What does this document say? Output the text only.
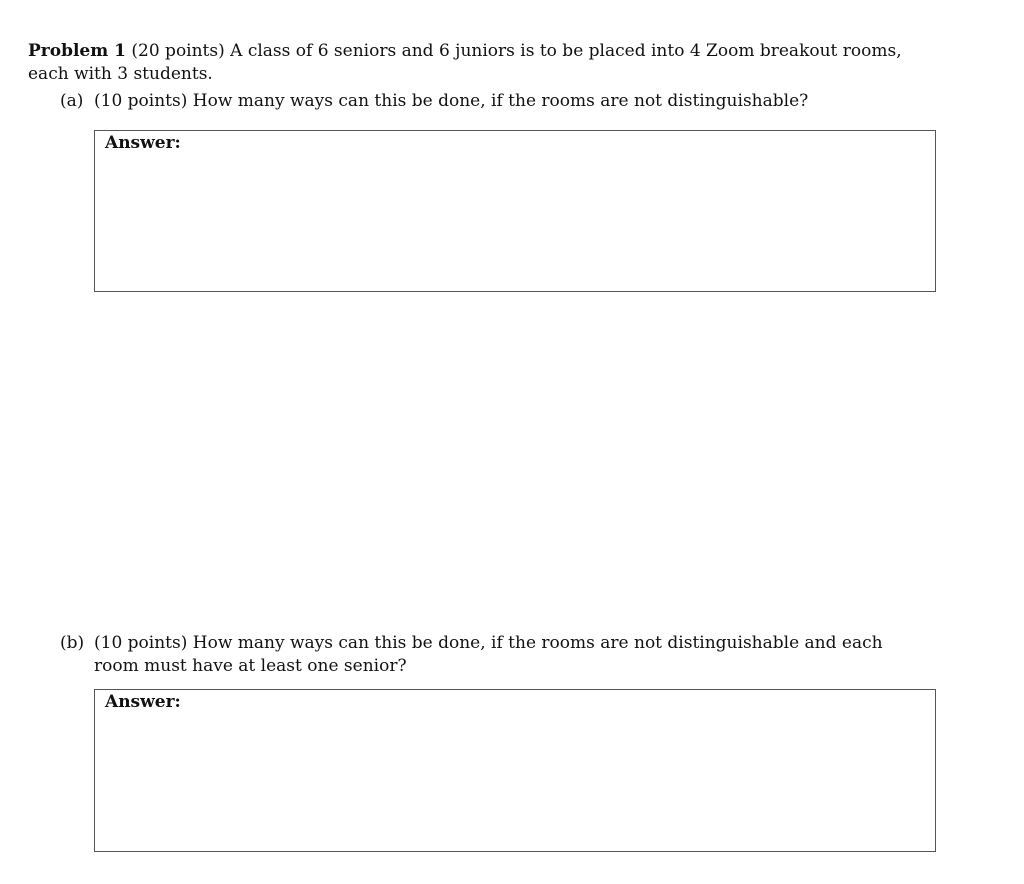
Problem 1 (20 points) A class of 6 seniors and 6 juniors is to be placed into 4 Zoom breakout rooms, each with 3 students.
(a) (10 points) How many ways can this be done, if the rooms are not distinguishable?
Answer:
(b) (10 points) How many ways can this be done, if the rooms are not distinguishable and each room must have at least one senior?
Answer:
